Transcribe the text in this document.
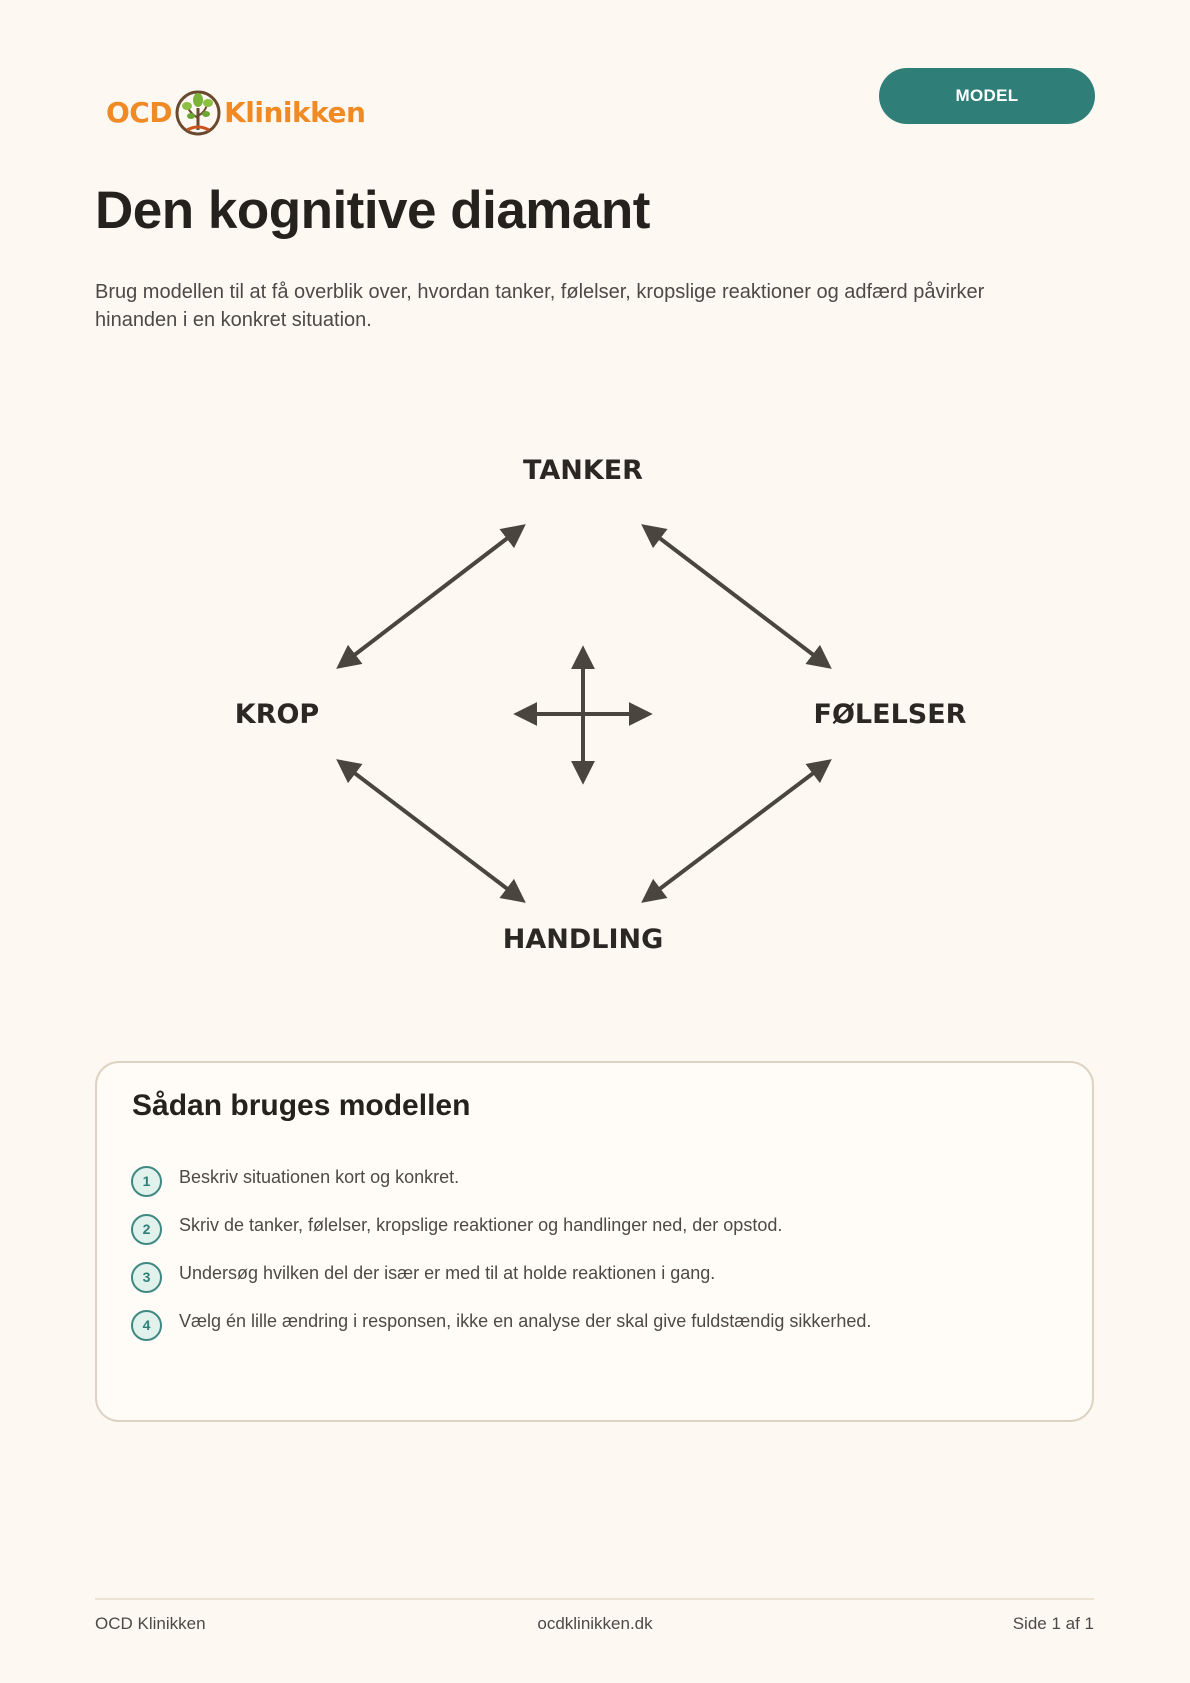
OCD Klinikken	MODEL
Den kognitive diamant

Brug modellen til at få overblik over, hvordan tanker, følelser, kropslige reaktioner og adfærd påvirker hinanden i en konkret situation.

TANKER
KROP	FØLELSER
HANDLING
Sådan bruges modellen
1	Beskriv situationen kort og konkret.
2	Skriv de tanker, følelser, kropslige reaktioner og handlinger ned, der opstod.
3	Undersøg hvilken del der især er med til at holde reaktionen i gang.
4	Vælg én lille ændring i responsen, ikke en analyse der skal give fuldstændig sikkerhed.
OCD Klinikken	ocdklinikken.dk	Side 1 af 1
